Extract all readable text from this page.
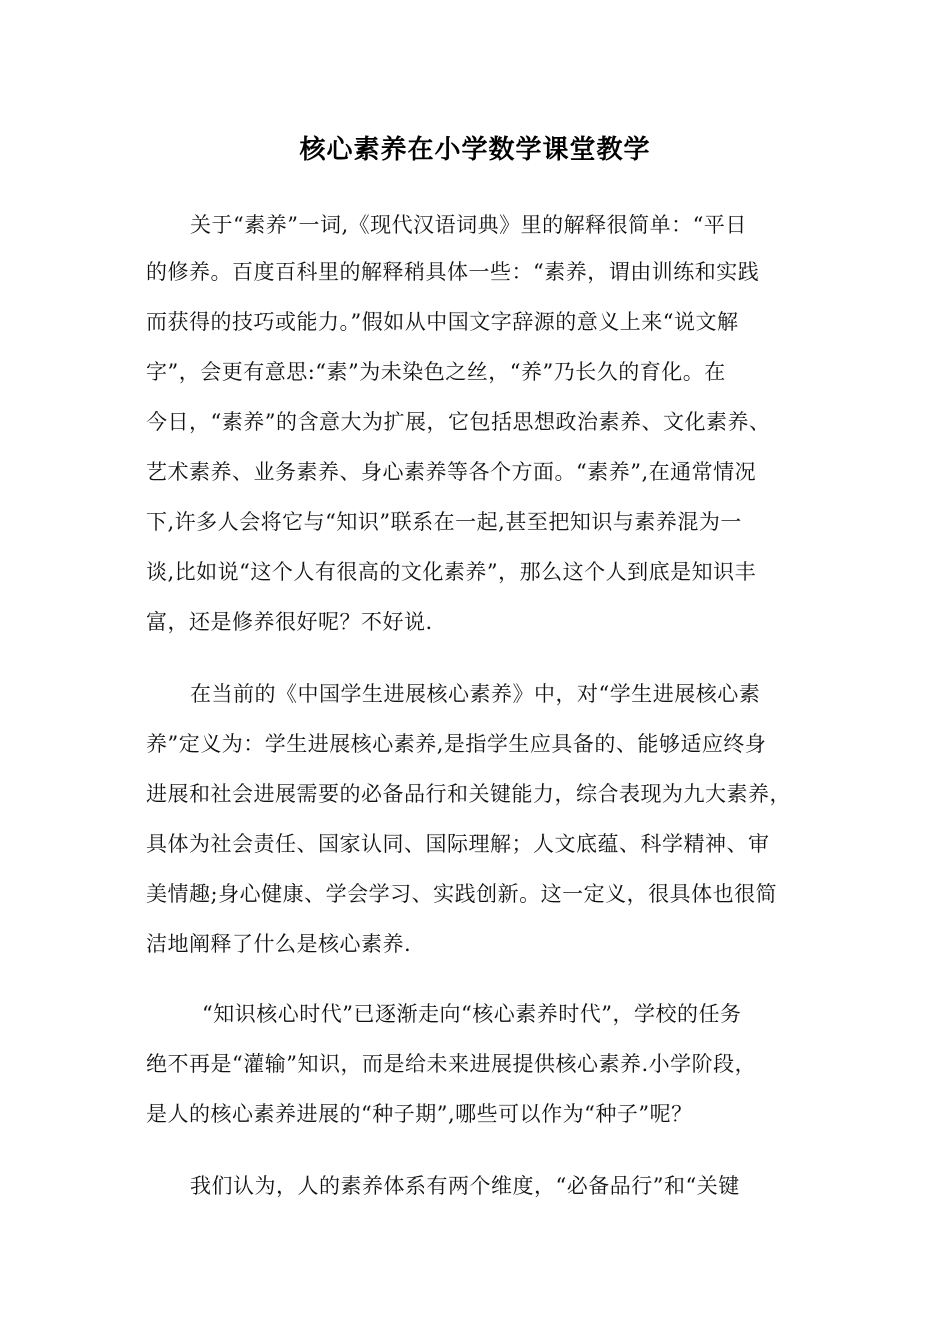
核心素养在小学数学课堂教学

关于“素养”一词,《现代汉语词典》里的解释很简单：“平日

的修养。百度百科里的解释稍具体一些：“素养，谓由训练和实践

而获得的技巧或能力。”假如从中国文字辞源的意义上来“说文解

字”，会更有意思:“素”为未染色之丝，“养”乃长久的育化。在

今日，“素养”的含意大为扩展，它包括思想政治素养、文化素养、

艺术素养、业务素养、身心素养等各个方面。“素养”,在通常情况

下,许多人会将它与“知识”联系在一起,甚至把知识与素养混为一

谈,比如说“这个人有很高的文化素养”，那么这个人到底是知识丰

富，还是修养很好呢？不好说.

在当前的《中国学生进展核心素养》中，对“学生进展核心素

养”定义为：学生进展核心素养,是指学生应具备的、能够适应终身

进展和社会进展需要的必备品行和关键能力，综合表现为九大素养，

具体为社会责任、国家认同、国际理解；人文底蕴、科学精神、审

美情趣;身心健康、学会学习、实践创新。这一定义，很具体也很简

洁地阐释了什么是核心素养.

“知识核心时代”已逐渐走向“核心素养时代”，学校的任务

绝不再是“灌输”知识，而是给未来进展提供核心素养.小学阶段，

是人的核心素养进展的“种子期”,哪些可以作为“种子”呢？

我们认为，人的素养体系有两个维度，“必备品行”和“关键
